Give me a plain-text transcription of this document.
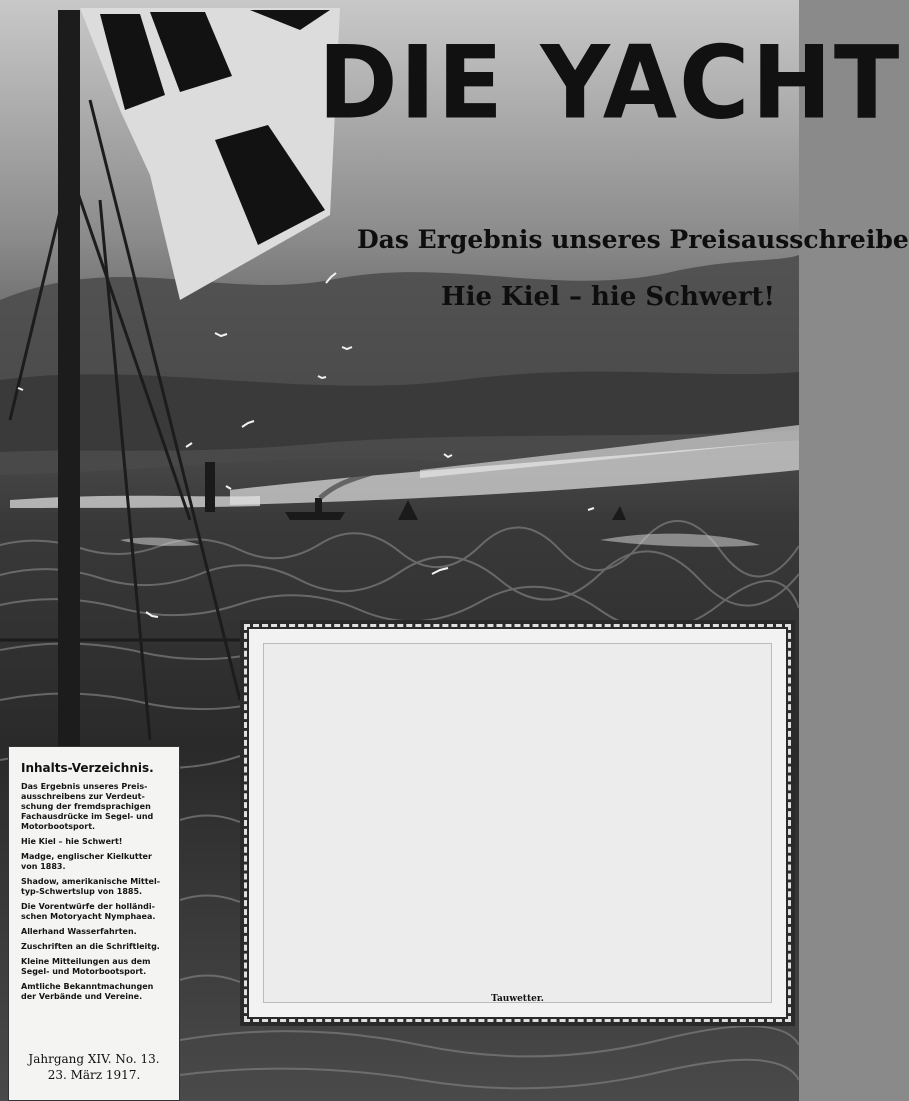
DIE YACHT
Das Ergebnis unseres Preisausschreibe
Hie Kiel – hie Schwert!
Tauwetter.
Inhalts-Verzeichnis.
Das Ergebnis unseres Preis-
ausschreibens zur Verdeut-
schung der fremdsprachigen
Fachausdrücke im Segel- und
Motorbootsport.
Hie Kiel – hie Schwert!
Madge, englischer Kielkutter
von 1883.
Shadow, amerikanische Mittel-
typ-Schwertslup von 1885.
Die Vorentwürfe der holländi-
schen Motoryacht Nymphaea.
Allerhand Wasserfahrten.
Zuschriften an die Schriftleitg.
Kleine Mitteilungen aus dem
Segel- und Motorbootsport.
Amtliche Bekanntmachungen
der Verbände und Vereine.
Jahrgang XIV. No. 13.
23. März 1917.
